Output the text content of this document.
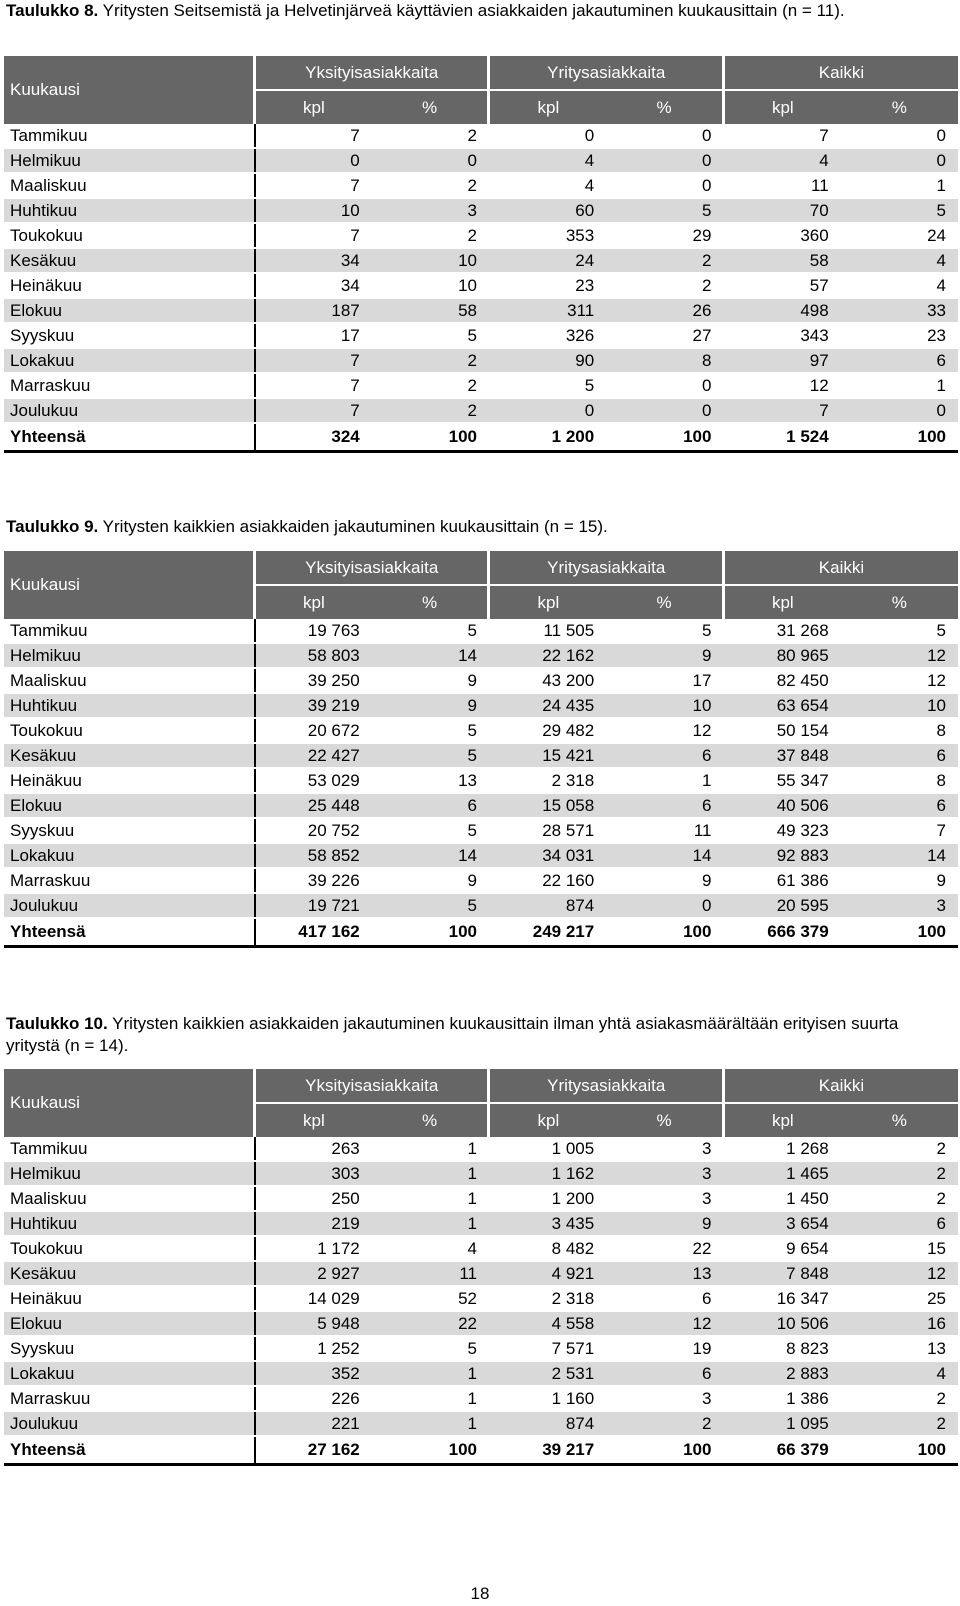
Taulukko 8. Yritysten Seitsemistä ja Helvetinjärveä käyttävien asiakkaiden jakautuminen kuukausittain (n = 11).
Kuukausi	Yksityisasiakkaita		Yritysasiakkaita		Kaikki	
	kpl	%	kpl	%	kpl	%
Tammikuu	7	2	0	0	7	0
Helmikuu	0	0	4	0	4	0
Maaliskuu	7	2	4	0	11	1
Huhtikuu	10	3	60	5	70	5
Toukokuu	7	2	353	29	360	24
Kesäkuu	34	10	24	2	58	4
Heinäkuu	34	10	23	2	57	4
Elokuu	187	58	311	26	498	33
Syyskuu	17	5	326	27	343	23
Lokakuu	7	2	90	8	97	6
Marraskuu	7	2	5	0	12	1
Joulukuu	7	2	0	0	7	0
Yhteensä	324	100	1 200	100	1 524	100
Taulukko 9. Yritysten kaikkien asiakkaiden jakautuminen kuukausittain (n = 15).
Kuukausi	Yksityisasiakkaita		Yritysasiakkaita		Kaikki	
	kpl	%	kpl	%	kpl	%
Tammikuu	19 763	5	11 505	5	31 268	5
Helmikuu	58 803	14	22 162	9	80 965	12
Maaliskuu	39 250	9	43 200	17	82 450	12
Huhtikuu	39 219	9	24 435	10	63 654	10
Toukokuu	20 672	5	29 482	12	50 154	8
Kesäkuu	22 427	5	15 421	6	37 848	6
Heinäkuu	53 029	13	2 318	1	55 347	8
Elokuu	25 448	6	15 058	6	40 506	6
Syyskuu	20 752	5	28 571	11	49 323	7
Lokakuu	58 852	14	34 031	14	92 883	14
Marraskuu	39 226	9	22 160	9	61 386	9
Joulukuu	19 721	5	874	0	20 595	3
Yhteensä	417 162	100	249 217	100	666 379	100
Taulukko 10. Yritysten kaikkien asiakkaiden jakautuminen kuukausittain ilman yhtä asiakasmäärältään erityisen suurta yritystä (n = 14).
Kuukausi	Yksityisasiakkaita		Yritysasiakkaita		Kaikki	
	kpl	%	kpl	%	kpl	%
Tammikuu	263	1	1 005	3	1 268	2
Helmikuu	303	1	1 162	3	1 465	2
Maaliskuu	250	1	1 200	3	1 450	2
Huhtikuu	219	1	3 435	9	3 654	6
Toukokuu	1 172	4	8 482	22	9 654	15
Kesäkuu	2 927	11	4 921	13	7 848	12
Heinäkuu	14 029	52	2 318	6	16 347	25
Elokuu	5 948	22	4 558	12	10 506	16
Syyskuu	1 252	5	7 571	19	8 823	13
Lokakuu	352	1	2 531	6	2 883	4
Marraskuu	226	1	1 160	3	1 386	2
Joulukuu	221	1	874	2	1 095	2
Yhteensä	27 162	100	39 217	100	66 379	100
18
